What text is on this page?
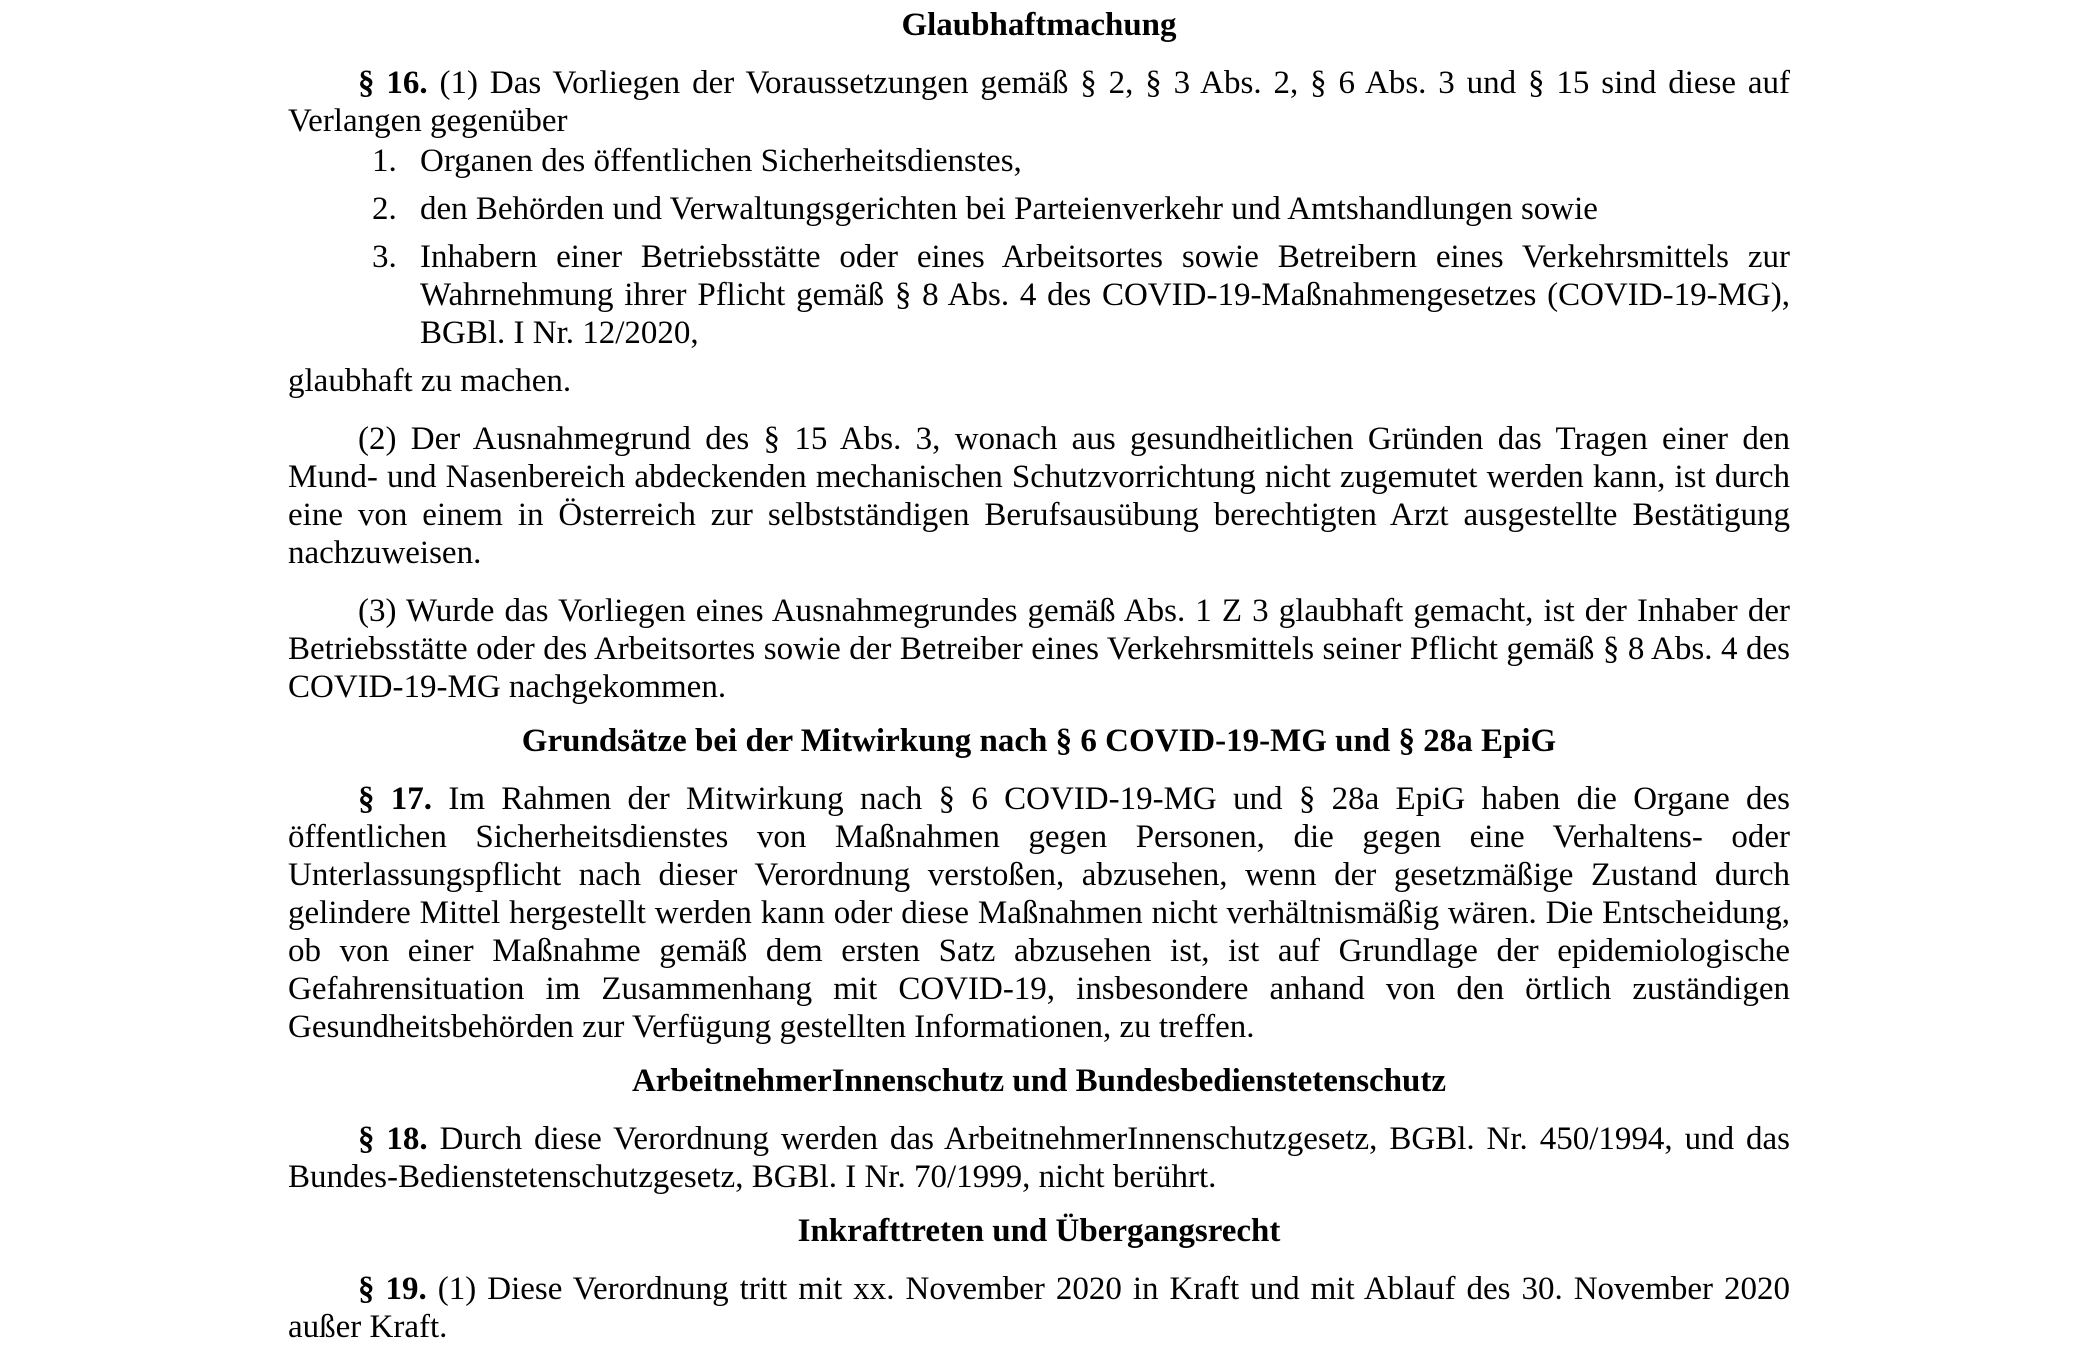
Glaubhaftmachung

§ 16. (1) Das Vorliegen der Voraussetzungen gemäß § 2, § 3 Abs. 2, § 6 Abs. 3 und § 15 sind diese auf Verlangen gegenüber

1. Organen des öffentlichen Sicherheitsdienstes,
2. den Behörden und Verwaltungsgerichten bei Parteienverkehr und Amtshandlungen sowie
3. Inhabern einer Betriebsstätte oder eines Arbeitsortes sowie Betreibern eines Verkehrsmittels zur Wahrnehmung ihrer Pflicht gemäß § 8 Abs. 4 des COVID-19-Maßnahmengesetzes (COVID-19-MG), BGBl. I Nr. 12/2020,

glaubhaft zu machen.

(2) Der Ausnahmegrund des § 15 Abs. 3, wonach aus gesundheitlichen Gründen das Tragen einer den Mund- und Nasenbereich abdeckenden mechanischen Schutzvorrichtung nicht zugemutet werden kann, ist durch eine von einem in Österreich zur selbstständigen Berufsausübung berechtigten Arzt ausgestellte Bestätigung nachzuweisen.

(3) Wurde das Vorliegen eines Ausnahmegrundes gemäß Abs. 1 Z 3 glaubhaft gemacht, ist der Inhaber der Betriebsstätte oder des Arbeitsortes sowie der Betreiber eines Verkehrsmittels seiner Pflicht gemäß § 8 Abs. 4 des COVID-19-MG nachgekommen.

Grundsätze bei der Mitwirkung nach § 6 COVID-19-MG und § 28a EpiG

§ 17. Im Rahmen der Mitwirkung nach § 6 COVID-19-MG und § 28a EpiG haben die Organe des öffentlichen Sicherheitsdienstes von Maßnahmen gegen Personen, die gegen eine Verhaltens- oder Unterlassungspflicht nach dieser Verordnung verstoßen, abzusehen, wenn der gesetzmäßige Zustand durch gelindere Mittel hergestellt werden kann oder diese Maßnahmen nicht verhältnismäßig wären. Die Entscheidung, ob von einer Maßnahme gemäß dem ersten Satz abzusehen ist, ist auf Grundlage der epidemiologische Gefahrensituation im Zusammenhang mit COVID-19, insbesondere anhand von den örtlich zuständigen Gesundheitsbehörden zur Verfügung gestellten Informationen, zu treffen.

ArbeitnehmerInnenschutz und Bundesbedienstetenschutz

§ 18. Durch diese Verordnung werden das ArbeitnehmerInnenschutzgesetz, BGBl. Nr. 450/1994, und das Bundes-Bedienstetenschutzgesetz, BGBl. I Nr. 70/1999, nicht berührt.

Inkrafttreten und Übergangsrecht

§ 19. (1) Diese Verordnung tritt mit xx. November 2020 in Kraft und mit Ablauf des 30. November 2020 außer Kraft.
